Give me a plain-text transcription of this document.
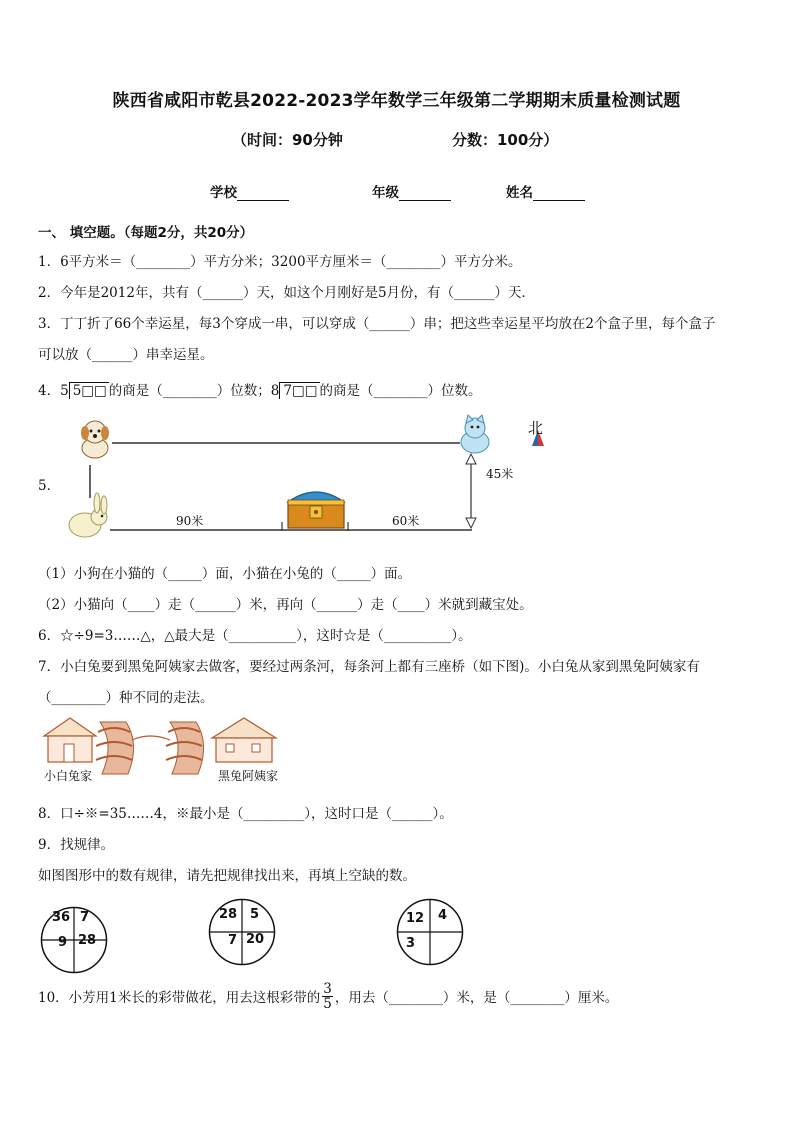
陕西省咸阳市乾县2022-2023学年数学三年级第二学期期末质量检测试题
（时间：90分钟	分数：100分）
学校	年级	姓名
一、 填空题。（每题2分，共20分）
1．6平方米＝（________）平方分米；3200平方厘米＝（________）平方分米。
2．今年是2012年，共有（______）天，如这个月刚好是5月份，有（______）天．
3．丁丁折了66个幸运星，每3个穿成一串，可以穿成（______）串；把这些幸运星平均放在2个盒子里，每个盒子
可以放（______）串幸运星。
4．5 5□□ 的商是（________）位数；8 7□□ 的商是（________）位数。
5．
北
45米
90米	60米
（1）小狗在小猫的（_____）面，小猫在小兔的（_____）面。
（2）小猫向（____）走（______）米，再向（______）走（____）米就到藏宝处。
6．☆÷9=3……△，△最大是（__________），这时☆是（__________）。
7．小白兔要到黑兔阿姨家去做客，要经过两条河，每条河上都有三座桥（如下图)。小白兔从家到黑兔阿姨家有
（________）种不同的走法。
小白兔家	黑兔阿姨家
8．口÷※=35……4，※最小是（_________），这时口是（______）。
9．找规律。
如图图形中的数有规律，请先把规律找出来，再填上空缺的数。
36 7
9 28
28 5
7 20
12 4
3
10．小芳用1米长的彩带做花，用去这根彩带的 $\frac{3}{5}$ ，用去（________）米，是（________）厘米。
